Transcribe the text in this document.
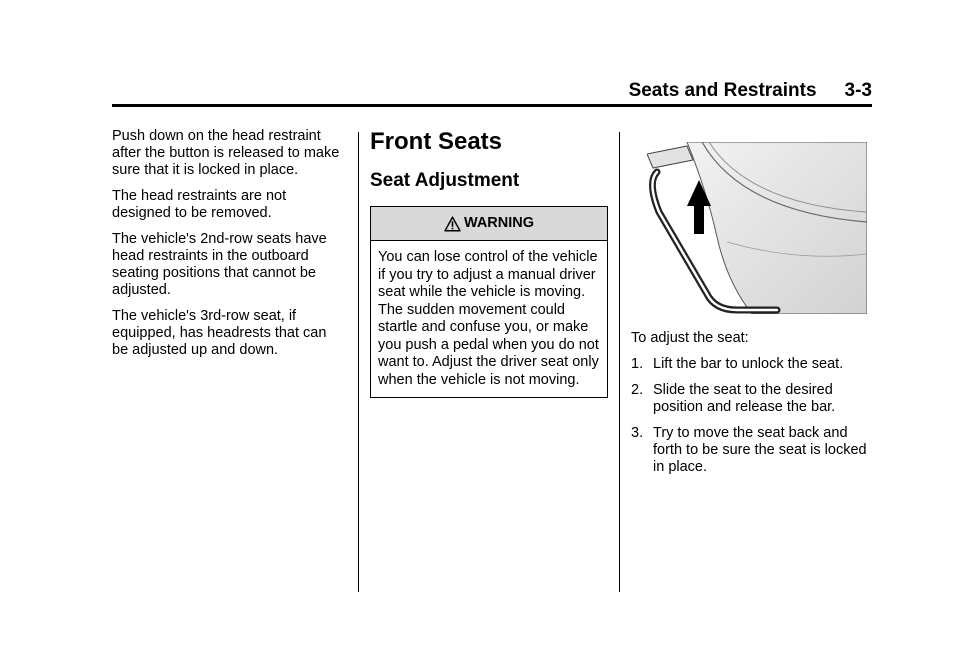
Seats and Restraints 3-3

Push down on the head restraint after the button is released to make sure that it is locked in place.

The head restraints are not designed to be removed.

The vehicle's 2nd-row seats have head restraints in the outboard seating positions that cannot be adjusted.

The vehicle's 3rd-row seat, if equipped, has headrests that can be adjusted up and down.

Front Seats
Seat Adjustment
WARNING
You can lose control of the vehicle if you try to adjust a manual driver seat while the vehicle is moving. The sudden movement could startle and confuse you, or make you push a pedal when you do not want to. Adjust the driver seat only when the vehicle is not moving.

To adjust the seat:

1. Lift the bar to unlock the seat.
2. Slide the seat to the desired position and release the bar.
3. Try to move the seat back and forth to be sure the seat is locked in place.
